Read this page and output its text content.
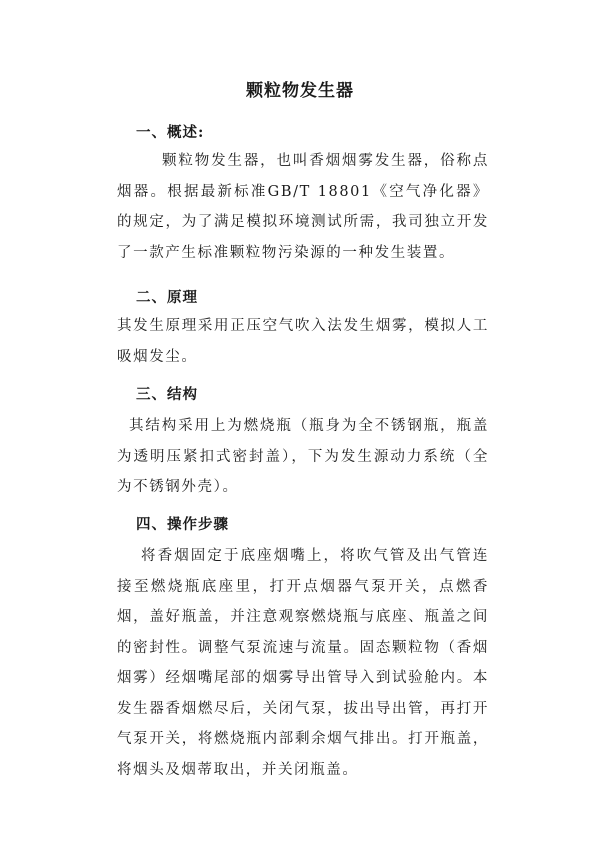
颗粒物发生器
一、概述:

颗粒物发生器，也叫香烟烟雾发生器，俗称点烟器。根据最新标准GB/T 18801《空气净化器》的规定，为了满足模拟环境测试所需，我司独立开发了一款产生标准颗粒物污染源的一种发生装置。

二、原理

其发生原理采用正压空气吹入法发生烟雾，模拟人工吸烟发尘。

三、结构

其结构采用上为燃烧瓶（瓶身为全不锈钢瓶，瓶盖为透明压紧扣式密封盖），下为发生源动力系统（全为不锈钢外壳）。

四、操作步骤

将香烟固定于底座烟嘴上，将吹气管及出气管连接至燃烧瓶底座里，打开点烟器气泵开关，点燃香烟，盖好瓶盖，并注意观察燃烧瓶与底座、瓶盖之间的密封性。调整气泵流速与流量。固态颗粒物（香烟烟雾）经烟嘴尾部的烟雾导出管导入到试验舱内。本发生器香烟燃尽后，关闭气泵，拔出导出管，再打开气泵开关，将燃烧瓶内部剩余烟气排出。打开瓶盖，将烟头及烟蒂取出，并关闭瓶盖。
